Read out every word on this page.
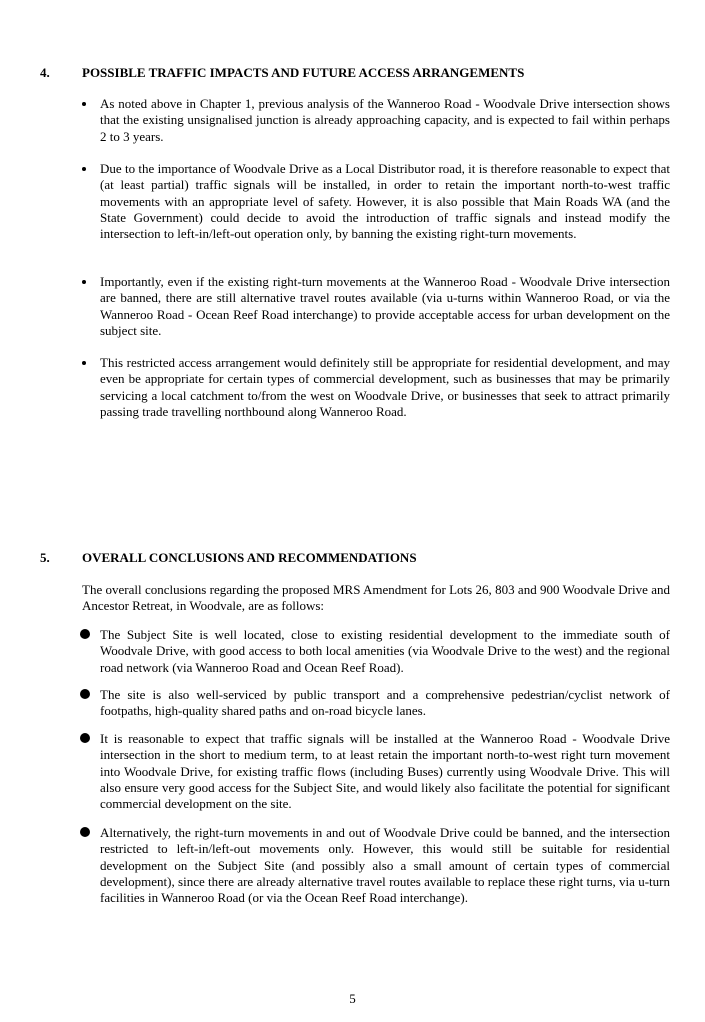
4. POSSIBLE TRAFFIC IMPACTS AND FUTURE ACCESS ARRANGEMENTS
As noted above in Chapter 1, previous analysis of the Wanneroo Road - Woodvale Drive intersection shows that the existing unsignalised junction is already approaching capacity, and is expected to fail within perhaps 2 to 3 years.
Due to the importance of Woodvale Drive as a Local Distributor road, it is therefore reasonable to expect that (at least partial) traffic signals will be installed, in order to retain the important north-to-west traffic movements with an appropriate level of safety. However, it is also possible that Main Roads WA (and the State Government) could decide to avoid the introduction of traffic signals and instead modify the intersection to left-in/left-out operation only, by banning the existing right-turn movements.
Importantly, even if the existing right-turn movements at the Wanneroo Road - Woodvale Drive intersection are banned, there are still alternative travel routes available (via u-turns within Wanneroo Road, or via the Wanneroo Road - Ocean Reef Road interchange) to provide acceptable access for urban development on the subject site.
This restricted access arrangement would definitely still be appropriate for residential development, and may even be appropriate for certain types of commercial development, such as businesses that may be primarily servicing a local catchment to/from the west on Woodvale Drive, or businesses that seek to attract primarily passing trade travelling northbound along Wanneroo Road.
5. OVERALL CONCLUSIONS AND RECOMMENDATIONS
The overall conclusions regarding the proposed MRS Amendment for Lots 26, 803 and 900 Woodvale Drive and Ancestor Retreat, in Woodvale, are as follows:
The Subject Site is well located, close to existing residential development to the immediate south of Woodvale Drive, with good access to both local amenities (via Woodvale Drive to the west) and the regional road network (via Wanneroo Road and Ocean Reef Road).
The site is also well-serviced by public transport and a comprehensive pedestrian/cyclist network of footpaths, high-quality shared paths and on-road bicycle lanes.
It is reasonable to expect that traffic signals will be installed at the Wanneroo Road - Woodvale Drive intersection in the short to medium term, to at least retain the important north-to-west right turn movement into Woodvale Drive, for existing traffic flows (including Buses) currently using Woodvale Drive. This will also ensure very good access for the Subject Site, and would likely also facilitate the potential for significant commercial development on the site.
Alternatively, the right-turn movements in and out of Woodvale Drive could be banned, and the intersection restricted to left-in/left-out movements only. However, this would still be suitable for residential development on the Subject Site (and possibly also a small amount of certain types of commercial development), since there are already alternative travel routes available to replace these right turns, via u-turn facilities in Wanneroo Road (or via the Ocean Reef Road interchange).
5
